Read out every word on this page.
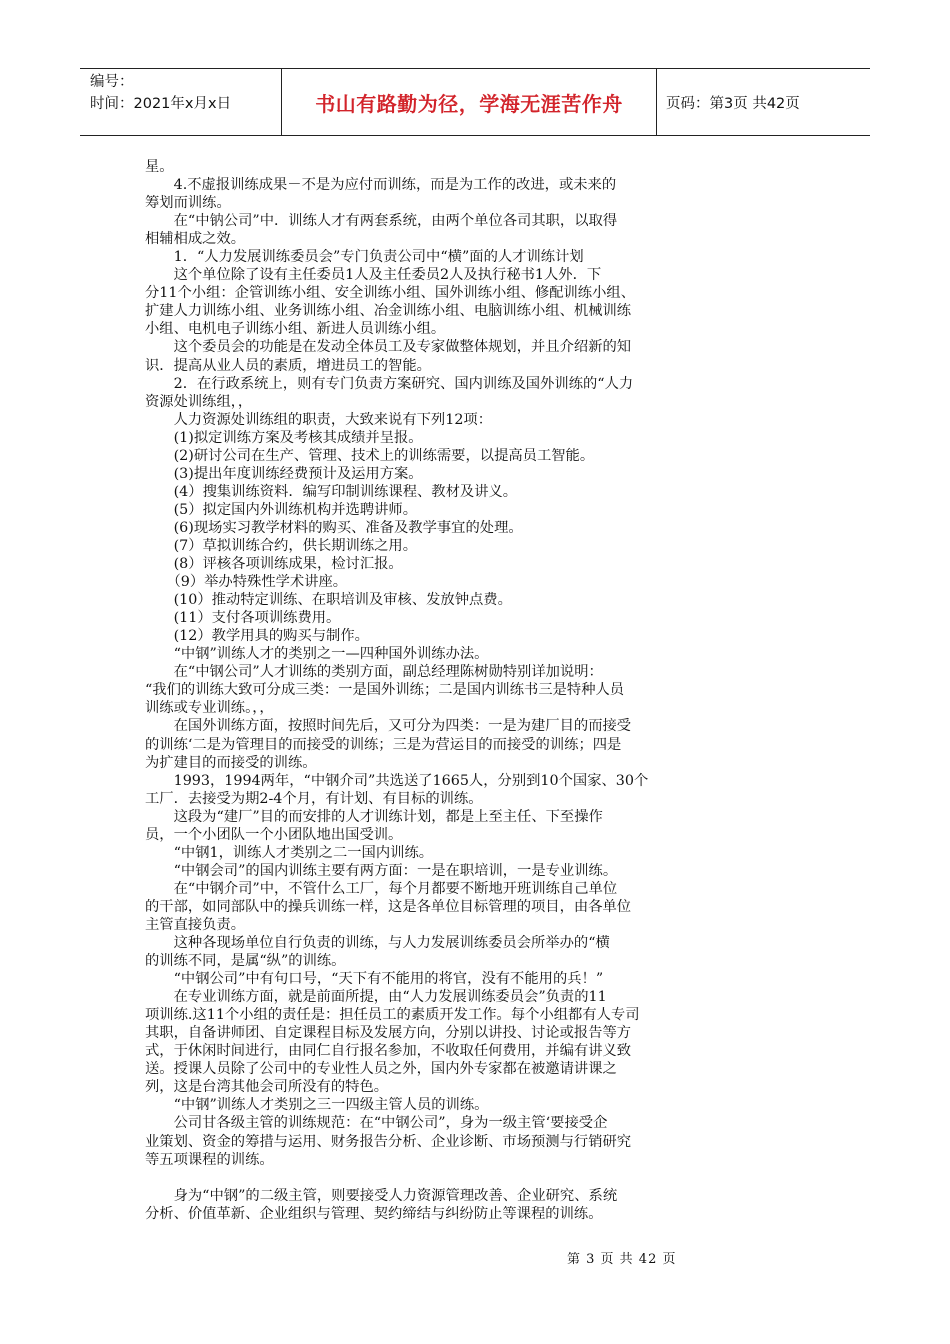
编号：
时间：2021年x月x日	书山有路勤为径，学海无涯苦作舟	页码：第3页 共42页

星。

　　4.不虚报训练成果－不是为应付而训练，而是为工作的改进，或未来的

筹划而训练。

　　在“中钠公司”中．训练人才有两套系统，由两个单位各司其职，以取得

相辅相成之效。

　　1．“人力发展训练委员会”专门负责公司中“横”面的人才训练计划

　　这个单位除了设有主任委员1人及主任委员2人及执行秘书1人外．下

分11个小组：企管训练小组、安全训练小组、国外训练小组、修配训练小组、

扩建人力训练小组、业务训练小组、冶金训练小组、电脑训练小组、机械训练

小组、电机电子训练小组、新进人员训练小组。

　　这个委员会的功能是在发动全体员工及专家做整体规划，并且介绍新的知

识．提高从业人员的素质，增进员工的智能。

　　2．在行政系统上，则有专门负责方案研究、国内训练及国外训练的“人力

资源处训练组，，

　　人力资源处训练组的职责，大致来说有下列12项：

　　(1)拟定训练方案及考核其成绩并呈报。

　　(2)研讨公司在生产、管理、技术上的训练需要，以提高员工智能。

　　(3)提出年度训练经费预计及运用方案。

　　(4）搜集训练资料．编写印制训练课程、教材及讲义。

　　(5）拟定国内外训练机构并选聘讲师。

　　(6)现场实习教学材料的购买、准备及教学事宜的处理。

　　(7）草拟训练合约，供长期训练之用。

　　(8）评核各项训练成果，检讨汇报。

　　（9）举办特殊性学术讲座。

　　(10）推动特定训练、在职培训及审核、发放钟点费。

　　(11）支付各项训练费用。

　　(12）教学用具的购买与制作。

　　“中钢”训练人才的类别之一—四种国外训练办法。

　　在“中钢公司”人才训练的类别方面，副总经理陈树勋特别详加说明：

“我们的训练大致可分成三类：一是国外训练；二是国内训练书三是特种人员

训练或专业训练。，，

　　在国外训练方面，按照时间先后，又可分为四类：一是为建厂目的而接受

的训练‘二是为管理目的而接受的训练；三是为营运目的而接受的训练；四是

为扩建目的而接受的训练。

　　1993，1994两年，“中钢介司”共选送了1665人，分别到10个国家、30个

工厂．去接受为期2-4个月，有计划、有目标的训练。

　　这段为“建厂”目的而安排的人才训练计划，都是上至主任、下至操作

员，一个小团队一个小团队地出国受训。

　　“中钢1，训练人才类别之二一国内训练。

　　“中钢会司”的国内训练主要有两方面：一是在职培训，一是专业训练。

　　在“中钢介司”中，不管什么工厂，每个月都要不断地开班训练自己单位

的干部，如同部队中的操兵训练一样，这是各单位目标管理的项目，由各单位

主管直接负责。

　　这种各现场单位自行负责的训练，与人力发展训练委员会所举办的“横

的训练不同，是属“纵”的训练。

　　“中钢公司”中有句口号，“天下有不能用的将官，没有不能用的兵！”

　　在专业训练方面，就是前面所提，由“人力发展训练委员会”负责的11

项训练.这11个小组的责任是：担任员工的素质开发工作。每个小组都有人专司

其职，自备讲师团、自定课程目标及发展方向，分别以讲投、讨论或报告等方

式，于休闲时间进行，由同仁自行报名参加，不收取任何费用，并编有讲义致

送。授课人员除了公司中的专业性人员之外，国内外专家都在被邀请讲课之

列，这是台湾其他会司所没有的特色。

　　“中钢”训练人才类别之三一四级主管人员的训练。

　　公司甘各级主管的训练规范：在“中钢公司”，身为一级主管‘要接受企

业策划、资金的筹措与运用、财务报告分析、企业诊断、市场预测与行销研究

等五项课程的训练。

　　身为“中钢”的二级主管，则要接受人力资源管理改善、企业研究、系统

分析、价值革新、企业组织与管理、契约缔结与纠纷防止等课程的训练。

第 3 页 共 42 页
